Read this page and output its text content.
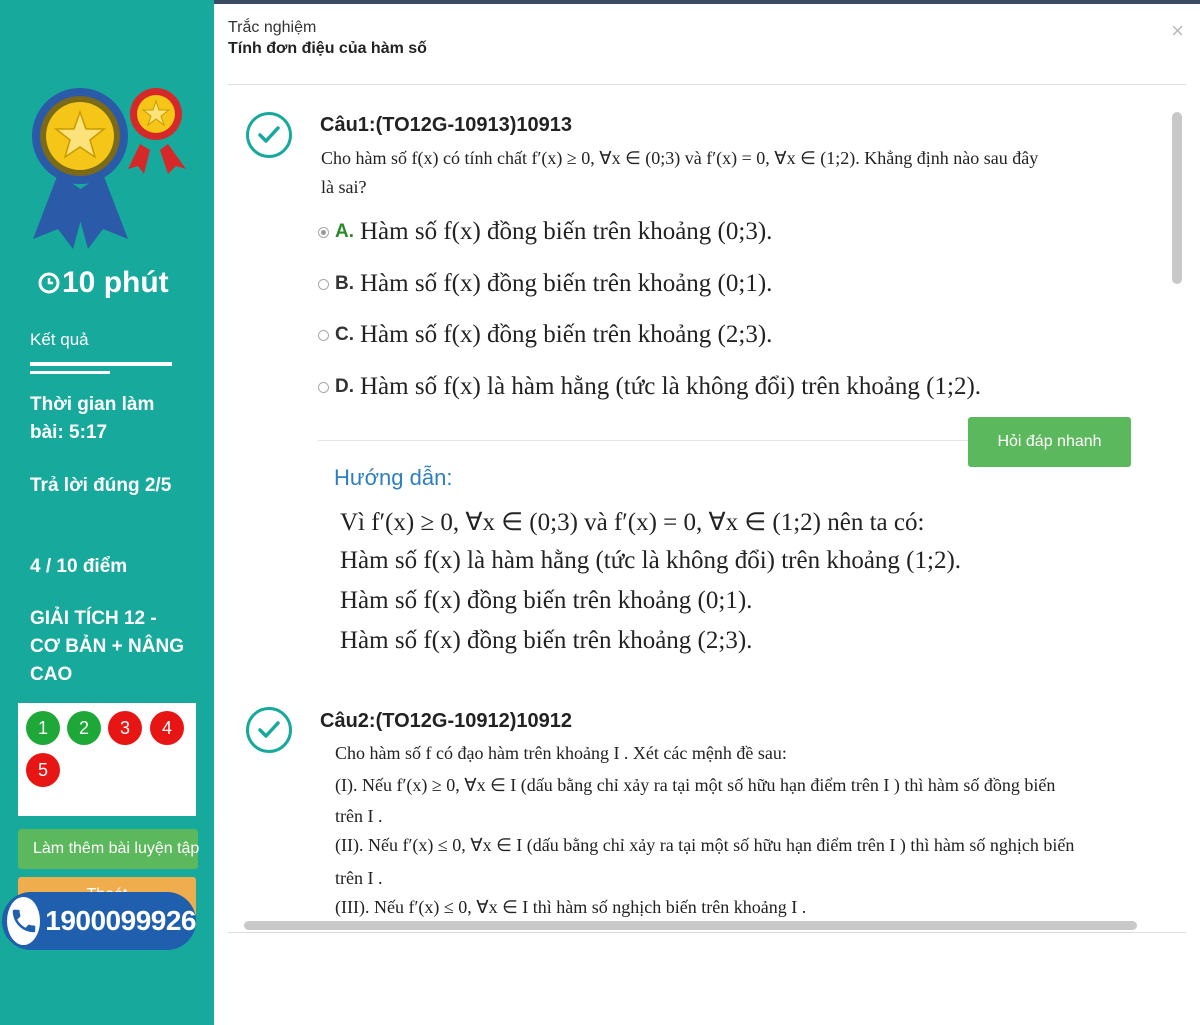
10 phút
Kết quả
Thời gian làm bài: 5:17
Trả lời đúng 2/5
4 / 10 điểm
GIẢI TÍCH 12 - CƠ BẢN + NÂNG CAO
1	2	3	4
5
Làm thêm bài luyện tập
1900099926
Trắc nghiệm
Tính đơn điệu của hàm số
×
Câu1:(TO12G-10913)10913
Cho hàm số f(x) có tính chất f′(x) ≥ 0, ∀x ∈ (0;3) và f′(x) = 0, ∀x ∈ (1;2). Khẳng định nào sau đây
là sai?
A. Hàm số f(x) đồng biến trên khoảng (0;3).
B. Hàm số f(x) đồng biến trên khoảng (0;1).
C. Hàm số f(x) đồng biến trên khoảng (2;3).
D. Hàm số f(x) là hàm hằng (tức là không đổi) trên khoảng (1;2).
Hỏi đáp nhanh
Hướng dẫn:
Vì f′(x) ≥ 0, ∀x ∈ (0;3) và f′(x) = 0, ∀x ∈ (1;2) nên ta có:
Hàm số f(x) là hàm hằng (tức là không đổi) trên khoảng (1;2).
Hàm số f(x) đồng biến trên khoảng (0;1).
Hàm số f(x) đồng biến trên khoảng (2;3).
Câu2:(TO12G-10912)10912
Cho hàm số f có đạo hàm trên khoảng I . Xét các mệnh đề sau:
(I). Nếu f′(x) ≥ 0, ∀x ∈ I (dấu bằng chỉ xảy ra tại một số hữu hạn điểm trên I ) thì hàm số đồng biến
trên I .
(II). Nếu f′(x) ≤ 0, ∀x ∈ I (dấu bằng chỉ xảy ra tại một số hữu hạn điểm trên I ) thì hàm số nghịch biến
trên I .
(III). Nếu f′(x) ≤ 0, ∀x ∈ I thì hàm số nghịch biến trên khoảng I .
